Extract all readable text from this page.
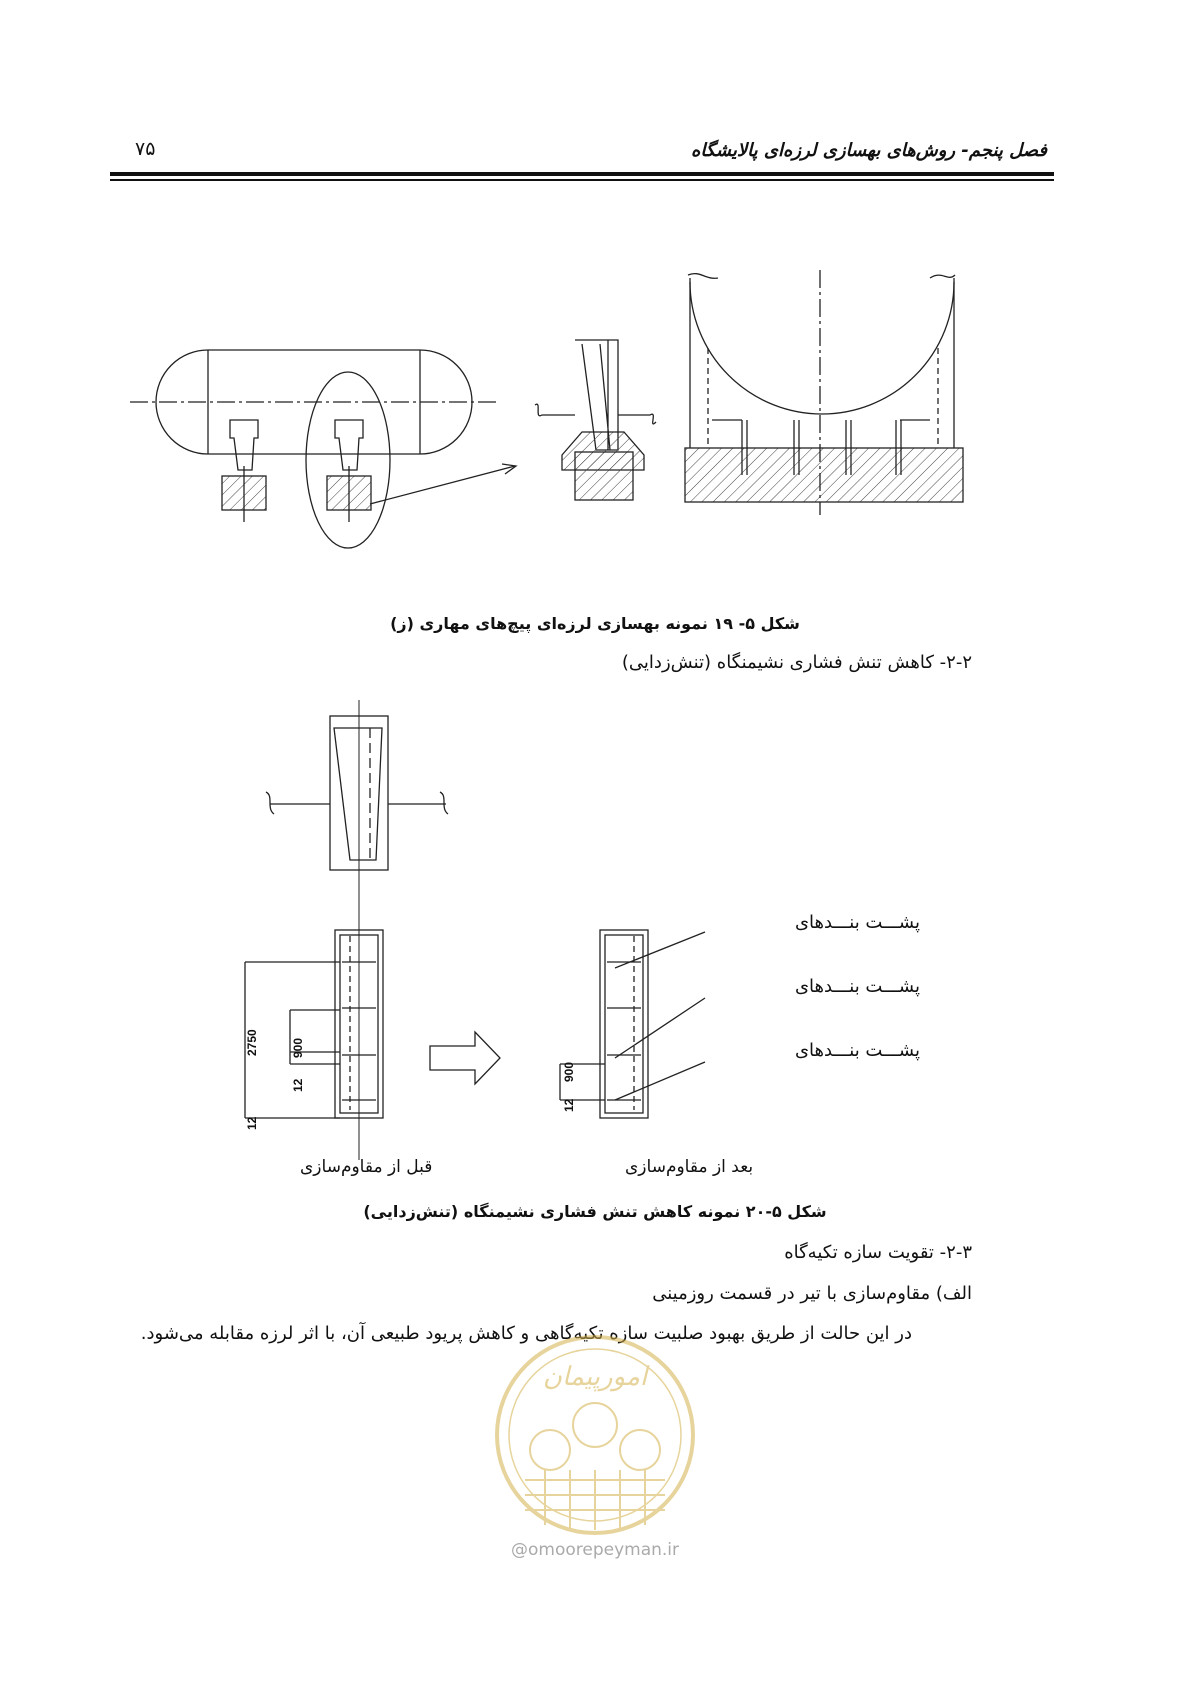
۷۵	فصل پنجم- روش‌های بهسازی لرزه‌ای پالایشگاه
شکل ۵- ۱۹ نمونه بهسازی لرزه‌ای پیچ‌های مهاری (ز)
۲-۲- کاهش تنش فشاری نشیمنگاه (تنش‌زدایی)
2750	900
12
12
900
12
پشـــت بنـــدهای
پشـــت بنـــدهای
پشـــت بنـــدهای
قبل از مقاوم‌سازی	بعد از مقاوم‌سازی
شکل ۵-۲۰ نمونه کاهش تنش فشاری نشیمنگاه (تنش‌زدایی)
۲-۳- تقویت سازه تکیه‌گاه
الف) مقاوم‌سازی با تیر در قسمت روزمینی
در این حالت از طریق بهبود صلبیت سازه تکیه‌گاهی و کاهش پریود طبیعی آن، با اثر لرزه مقابله می‌شود.
امورپیمان
@omoorepeyman.ir
